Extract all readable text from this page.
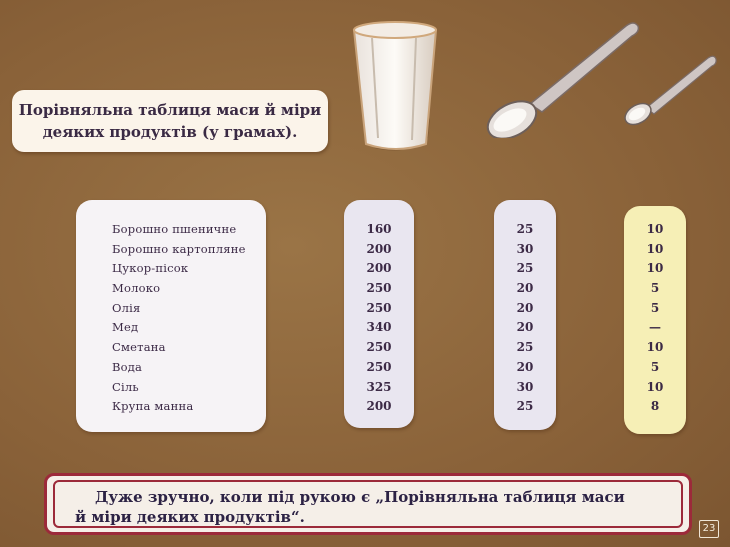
Порівняльна таблиця маси й міри
деяких продуктів (у грамах).
Борошно пшеничне
Борошно картопляне
Цукор-пісок
Молоко
Олія
Мед
Сметана
Вода
Сіль
Крупа манна
160
200
200
250
250
340
250
250
325
200
25
30
25
20
20
20
25
20
30
25
10
10
10
5
5
—
10
5
10
8
Дуже зручно, коли під рукою є „Порівняльна таблиця маси
й міри деяких продуктів“.
23
